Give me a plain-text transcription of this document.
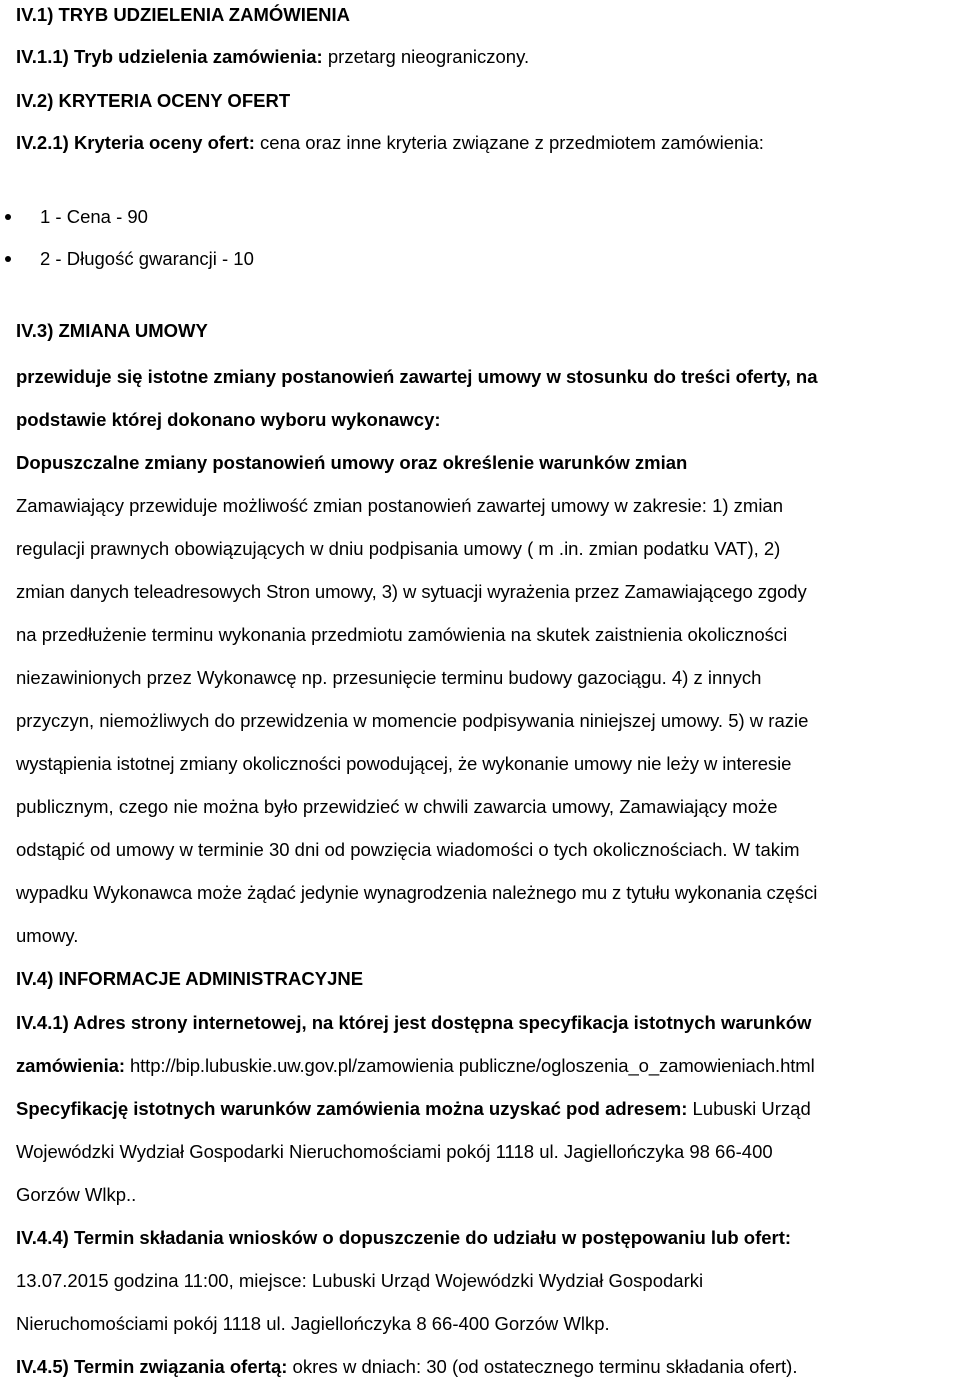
IV.1) TRYB UDZIELENIA ZAMÓWIENIA
IV.1.1) Tryb udzielenia zamówienia: przetarg nieograniczony.
IV.2) KRYTERIA OCENY OFERT
IV.2.1) Kryteria oceny ofert: cena oraz inne kryteria związane z przedmiotem zamówienia:
1 - Cena - 90
2 - Długość gwarancji - 10
IV.3) ZMIANA UMOWY
przewiduje się istotne zmiany postanowień zawartej umowy w stosunku do treści oferty, na
podstawie której dokonano wyboru wykonawcy:
Dopuszczalne zmiany postanowień umowy oraz określenie warunków zmian
Zamawiający przewiduje możliwość zmian postanowień zawartej umowy w zakresie: 1) zmian
regulacji prawnych obowiązujących w dniu podpisania umowy ( m .in. zmian podatku VAT), 2)
zmian danych teleadresowych Stron umowy, 3) w sytuacji wyrażenia przez Zamawiającego zgody
na przedłużenie terminu wykonania przedmiotu zamówienia na skutek zaistnienia okoliczności
niezawinionych przez Wykonawcę np. przesunięcie terminu budowy gazociągu. 4) z innych
przyczyn, niemożliwych do przewidzenia w momencie podpisywania niniejszej umowy. 5) w razie
wystąpienia istotnej zmiany okoliczności powodującej, że wykonanie umowy nie leży w interesie
publicznym, czego nie można było przewidzieć w chwili zawarcia umowy, Zamawiający może
odstąpić od umowy w terminie 30 dni od powzięcia wiadomości o tych okolicznościach. W takim
wypadku Wykonawca może żądać jedynie wynagrodzenia należnego mu z tytułu wykonania części
umowy.
IV.4) INFORMACJE ADMINISTRACYJNE
IV.4.1) Adres strony internetowej, na której jest dostępna specyfikacja istotnych warunków
zamówienia: http://bip.lubuskie.uw.gov.pl/zamowienia publiczne/ogloszenia_o_zamowieniach.html
Specyfikację istotnych warunków zamówienia można uzyskać pod adresem: Lubuski Urząd
Wojewódzki Wydział Gospodarki Nieruchomościami pokój 1118 ul. Jagiellończyka 98 66-400
Gorzów Wlkp..
IV.4.4) Termin składania wniosków o dopuszczenie do udziału w postępowaniu lub ofert:
13.07.2015 godzina 11:00, miejsce: Lubuski Urząd Wojewódzki Wydział Gospodarki
Nieruchomościami pokój 1118 ul. Jagiellończyka 8 66-400 Gorzów Wlkp.
IV.4.5) Termin związania ofertą: okres w dniach: 30 (od ostatecznego terminu składania ofert).
